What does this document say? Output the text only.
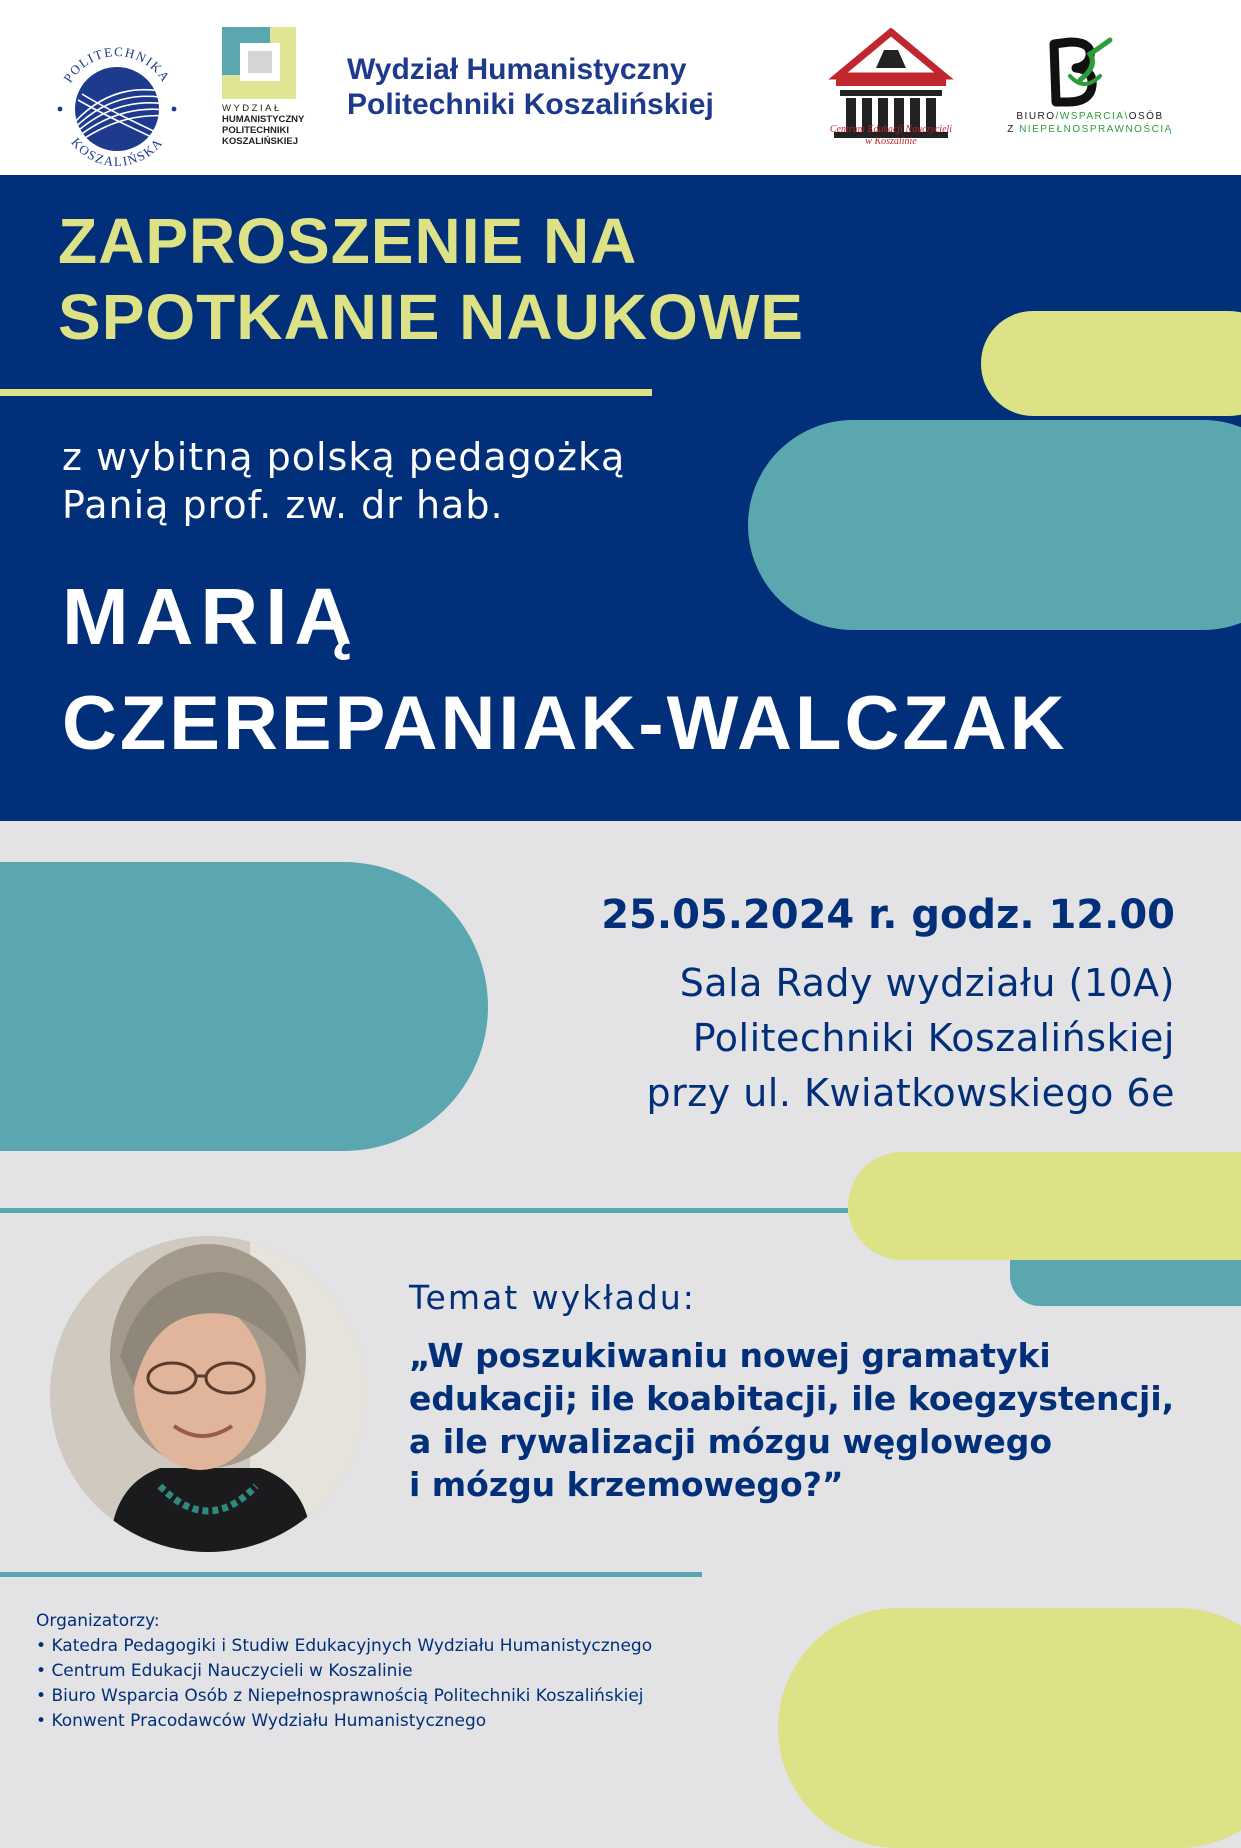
POLITECHNIKA
KOSZALIŃSKA
WYDZIAŁ
HUMANISTYCZNY
POLITECHNIKI
KOSZALIŃSKIEJ
Wydział Humanistyczny
Politechniki Koszalińskiej
Centrum Edukacji Nauczycieli
w Koszalinie
BIURO/WSPARCIA\OSÓB
Z NIEPEŁNOSPRAWNOŚCIĄ
ZAPROSZENIE NA
SPOTKANIE NAUKOWE
z wybitną polską pedagożką
Panią prof. zw. dr hab.
MARIĄ
CZEREPANIAK-WALCZAK
25.05.2024 r. godz. 12.00
Sala Rady wydziału (10A)
Politechniki Koszalińskiej
przy ul. Kwiatkowskiego 6e
Temat wykładu:
„W poszukiwaniu nowej gramatyki
edukacji; ile koabitacji, ile koegzystencji,
a ile rywalizacji mózgu węglowego
i mózgu krzemowego?”
Organizatorzy:
• Katedra Pedagogiki i Studiw Edukacyjnych Wydziału Humanistycznego
• Centrum Edukacji Nauczycieli w Koszalinie
• Biuro Wsparcia Osób z Niepełnosprawnością Politechniki Koszalińskiej
• Konwent Pracodawców Wydziału Humanistycznego
